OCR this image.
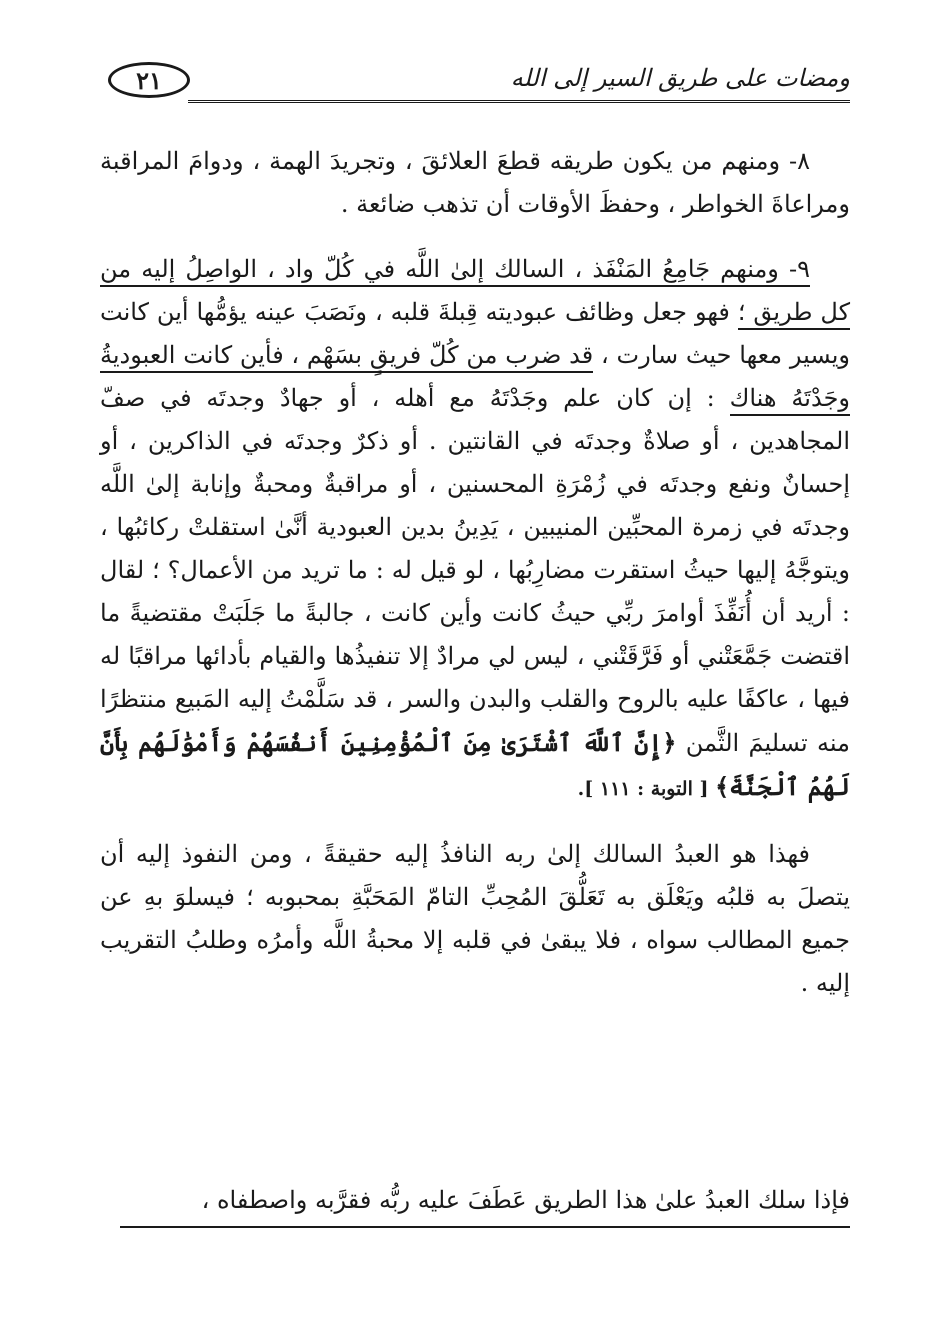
ومضات على طريق السير إلى الله
٢١

٨- ومنهم من يكون طريقه قطعَ العلائقَ ، وتجريدَ الهمة ، ودوامَ المراقبة ومراعاةَ الخواطر ، وحفظَ الأوقات أن تذهب ضائعة .

٩- ومنهم جَامِعُ المَنْفَذ ، السالك إلىٰ اللَّه في كُلّ واد ، الواصِلُ إليه من كل طريق ؛ فهو جعل وظائف عبوديته قِبلةَ قلبه ، ونَصَبَ عينه يؤمُّها أين كانت ويسير معها حيث سارت ، قد ضرب من كُلّ فريقٍ بسَهْم ، فأين كانت العبوديةُ وجَدْتَهُ هناك : إن كان علم وجَدْتَهُ مع أهله ، أو جهادٌ وجدتَه في صفّ المجاهدين ، أو صلاةٌ وجدتَه في القانتين . أو ذكرٌ وجدتَه في الذاكرين ، أو إحسانٌ ونفع وجدتَه في زُمْرَةِ المحسنين ، أو مراقبةٌ ومحبةٌ وإنابة إلىٰ اللَّه وجدتَه في زمرة المحبِّين المنيبين ، يَدِينُ بدين العبودية أنَّىٰ استقلتْ ركائبُها ، ويتوجَّهُ إليها حيثُ استقرت مضارِبُها ، لو قيل له : ما تريد من الأعمال؟ ؛ لقال : أريد أن أُنَفِّذَ أوامرَ ربِّي حيثُ كانت وأين كانت ، جالبةً ما جَلَبَتْ مقتضيةً ما اقتضت جَمَّعَتْني أو فَرَّقَتْني ، ليس لي مرادٌ إلا تنفيذُها والقيام بأدائها مراقبًا له فيها ، عاكفًا عليه بالروح والقلب والبدن والسر ، قد سَلَّمْتُ إليه المَبيع منتظرًا منه تسليمَ الثَّمن ﴿إِنَّ ٱللَّهَ ٱشْتَرَىٰ مِنَ ٱلْمُؤْمِنِينَ أَنفُسَهُمْ وَأَمْوَٰلَهُم بِأَنَّ لَهُمُ ٱلْجَنَّةَ﴾ [ التوبة : ١١١ ].

فهذا هو العبدُ السالك إلىٰ ربه النافذُ إليه حقيقةً ، ومن النفوذ إليه أن يتصلَ به قلبُه ويَعْلَق به تَعَلُّقَ المُحِبِّ التامّ المَحَبَّةِ بمحبوبه ؛ فيسلوَ بهِ عن جميع المطالب سواه ، فلا يبقىٰ في قلبه إلا محبةُ اللَّه وأمرُه وطلبُ التقريب إليه .

فإذا سلك العبدُ علىٰ هذا الطريق عَطَفَ عليه ربُّه فقرَّبه واصطفاه ،
